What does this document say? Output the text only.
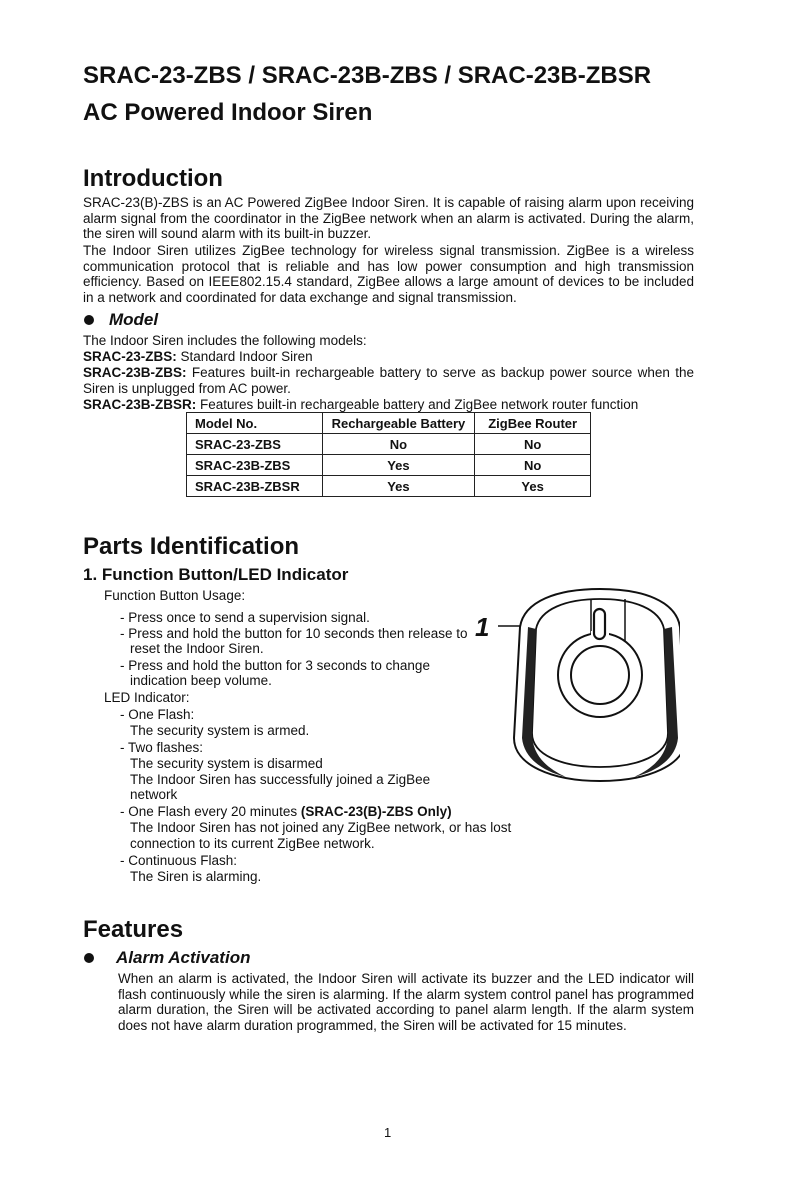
SRAC-23-ZBS / SRAC-23B-ZBS / SRAC-23B-ZBSR
AC Powered Indoor Siren
Introduction

SRAC-23(B)-ZBS is an AC Powered ZigBee Indoor Siren. It is capable of raising alarm upon receiving alarm signal from the coordinator in the ZigBee network when an alarm is activated. During the alarm, the siren will sound alarm with its built-in buzzer.

The Indoor Siren utilizes ZigBee technology for wireless signal transmission. ZigBee is a wireless communication protocol that is reliable and has low power consumption and high transmission efficiency. Based on IEEE802.15.4 standard, ZigBee allows a large amount of devices to be included in a network and coordinated for data exchange and signal transmission.

Model
The Indoor Siren includes the following models:
SRAC-23-ZBS: Standard Indoor Siren

SRAC-23B-ZBS: Features built-in rechargeable battery to serve as backup power source when the Siren is unplugged from AC power.

SRAC-23B-ZBSR: Features built-in rechargeable battery and ZigBee network router function
Model No.	Rechargeable Battery	ZigBee Router
SRAC-23-ZBS	No	No
SRAC-23B-ZBS	Yes	No
SRAC-23B-ZBSR	Yes	Yes
Parts Identification
1. Function Button/LED Indicator
Function Button Usage:
- Press once to send a supervision signal.
- Press and hold the button for 10 seconds then release to
reset the Indoor Siren.
- Press and hold the button for 3 seconds to change
indication beep volume.
LED Indicator:
- One Flash:
The security system is armed.
- Two flashes:
The security system is disarmed
The Indoor Siren has successfully joined a ZigBee
network
- One Flash every 20 minutes (SRAC-23(B)-ZBS Only)
The Indoor Siren has not joined any ZigBee network, or has lost
connection to its current ZigBee network.
- Continuous Flash:
The Siren is alarming.
1
Features
Alarm Activation

When an alarm is activated, the Indoor Siren will activate its buzzer and the LED indicator will flash continuously while the siren is alarming. If the alarm system control panel has programmed alarm duration, the Siren will be activated according to panel alarm length. If the alarm system does not have alarm duration programmed, the Siren will be activated for 15 minutes.

1
